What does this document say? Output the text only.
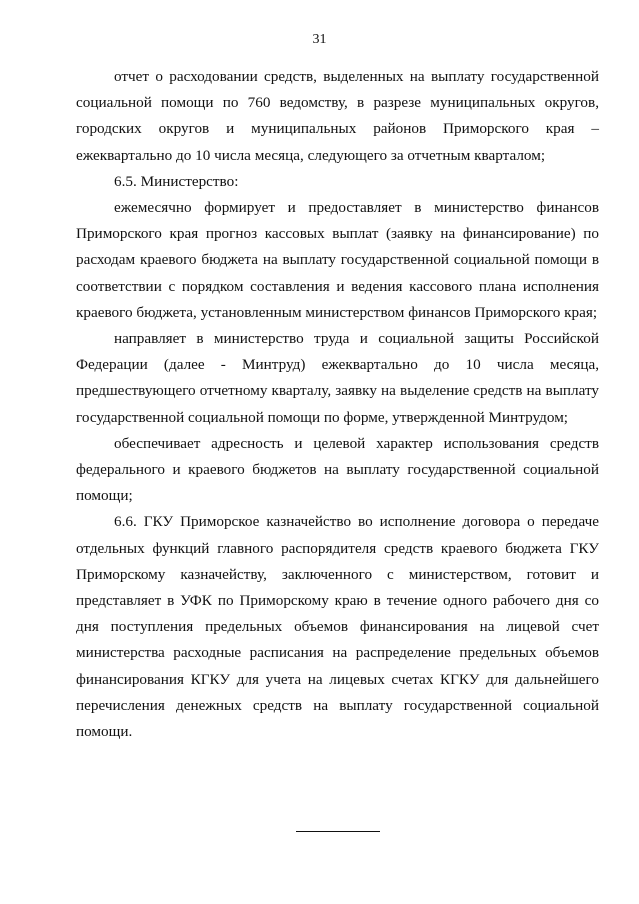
31

отчет о расходовании средств, выделенных на выплату государственной социальной помощи по 760 ведомству, в разрезе муниципальных округов, городских округов и муниципальных районов Приморского края – ежеквартально до 10 числа месяца, следующего за отчетным кварталом;

6.5. Министерство:

ежемесячно формирует и предоставляет в министерство финансов Приморского края прогноз кассовых выплат (заявку на финансирование) по расходам краевого бюджета на выплату государственной социальной помощи в соответствии с порядком составления и ведения кассового плана исполнения краевого бюджета, установленным министерством финансов Приморского края;

направляет в министерство труда и социальной защиты Российской Федерации (далее - Минтруд) ежеквартально до 10 числа месяца, предшествующего отчетному кварталу, заявку на выделение средств на выплату государственной социальной помощи по форме, утвержденной Минтрудом;

обеспечивает адресность и целевой характер использования средств федерального и краевого бюджетов на выплату государственной социальной помощи;

6.6. ГКУ Приморское казначейство во исполнение договора о передаче отдельных функций главного распорядителя средств краевого бюджета ГКУ Приморскому казначейству, заключенного с министерством, готовит и представляет в УФК по Приморскому краю в течение одного рабочего дня со дня поступления предельных объемов финансирования на лицевой счет министерства расходные расписания на распределение предельных объемов финансирования КГКУ для учета на лицевых счетах КГКУ для дальнейшего перечисления денежных средств на выплату государственной социальной помощи.
